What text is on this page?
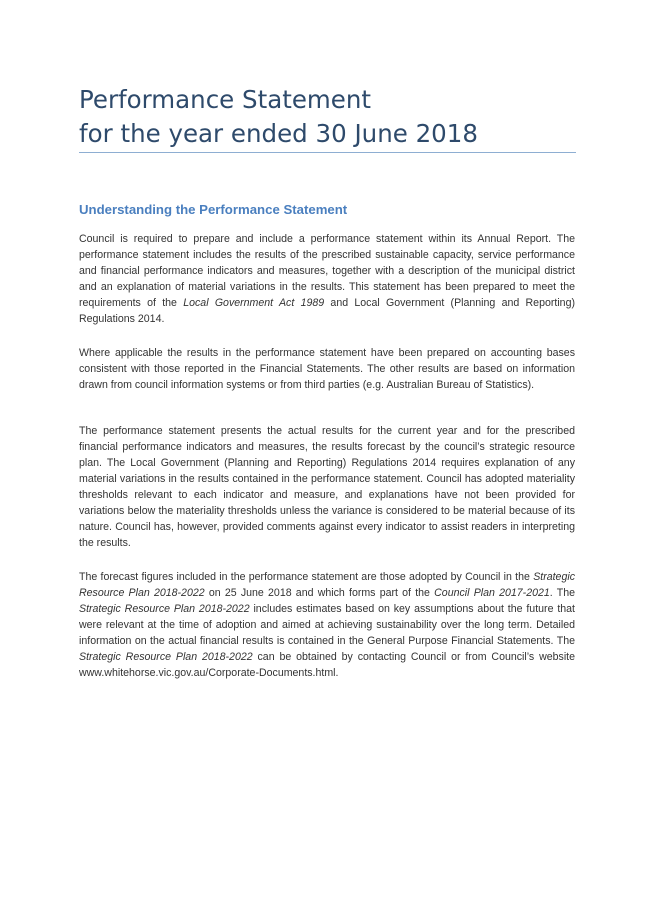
Performance Statement
for the year ended 30 June 2018
Understanding the Performance Statement

Council is required to prepare and include a performance statement within its Annual Report. The performance statement includes the results of the prescribed sustainable capacity, service performance and financial performance indicators and measures, together with a description of the municipal district and an explanation of material variations in the results. This statement has been prepared to meet the requirements of the Local Government Act 1989 and Local Government (Planning and Reporting) Regulations 2014.

Where applicable the results in the performance statement have been prepared on accounting bases consistent with those reported in the Financial Statements. The other results are based on information drawn from council information systems or from third parties (e.g. Australian Bureau of Statistics).

The performance statement presents the actual results for the current year and for the prescribed financial performance indicators and measures, the results forecast by the council’s strategic resource plan. The Local Government (Planning and Reporting) Regulations 2014 requires explanation of any material variations in the results contained in the performance statement. Council has adopted materiality thresholds relevant to each indicator and measure, and explanations have not been provided for variations below the materiality thresholds unless the variance is considered to be material because of its nature. Council has, however, provided comments against every indicator to assist readers in interpreting the results.

The forecast figures included in the performance statement are those adopted by Council in the Strategic Resource Plan 2018-2022 on 25 June 2018 and which forms part of the Council Plan 2017-2021. The Strategic Resource Plan 2018-2022 includes estimates based on key assumptions about the future that were relevant at the time of adoption and aimed at achieving sustainability over the long term. Detailed information on the actual financial results is contained in the General Purpose Financial Statements. The Strategic Resource Plan 2018-2022 can be obtained by contacting Council or from Council’s website www.whitehorse.vic.gov.au/Corporate-Documents.html.
